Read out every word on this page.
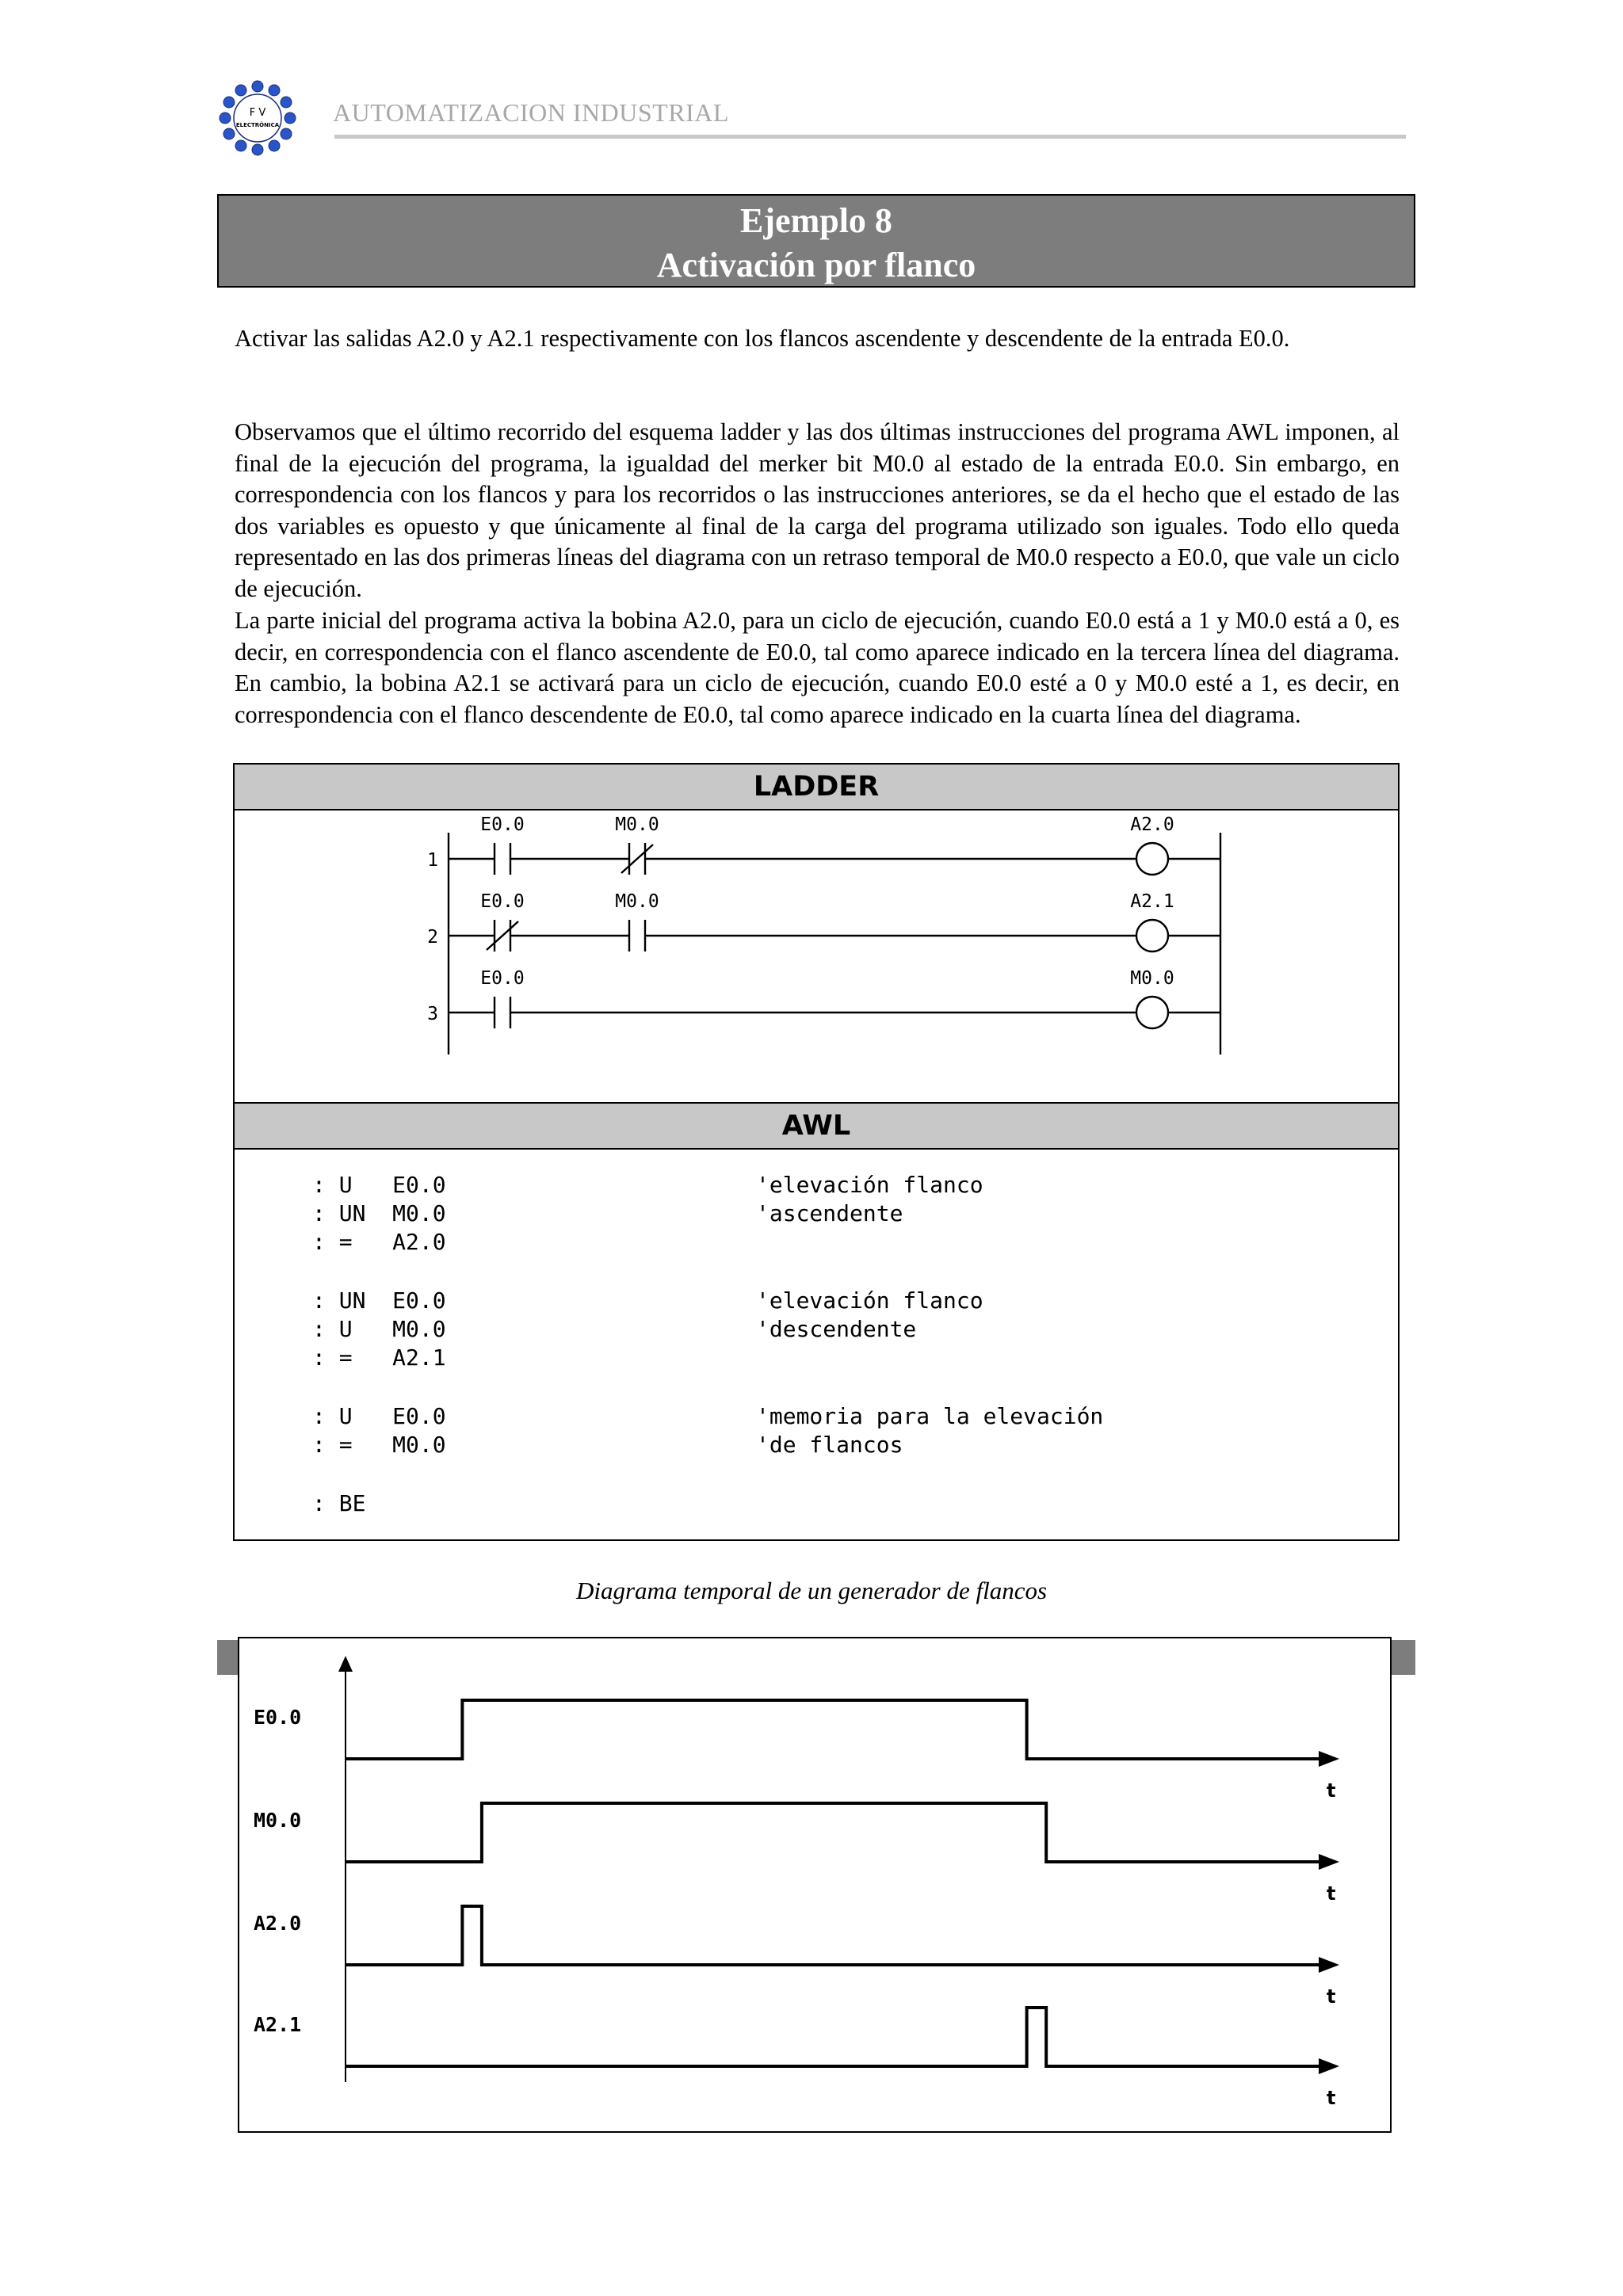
F V
ELECTRÓNICA AUTOMATIZACION INDUSTRIAL
Ejemplo 8
Activación por flanco

Activar las salidas A2.0 y A2.1 respectivamente con los flancos ascendente y descendente de la entrada E0.0.

Observamos que el último recorrido del esquema ladder y las dos últimas instrucciones del programa AWL imponen, al final de la ejecución del programa, la igualdad del merker bit M0.0 al estado de la entrada E0.0. Sin embargo, en correspondencia con los flancos y para los recorridos o las instrucciones anteriores, se da el hecho que el estado de las dos variables es opuesto y que únicamente al final de la carga del programa utilizado son iguales. Todo ello queda representado en las dos primeras líneas del diagrama con un retraso temporal de M0.0 respecto a E0.0, que vale un ciclo de ejecución.

La parte inicial del programa activa la bobina A2.0, para un ciclo de ejecución, cuando E0.0 está a 1 y M0.0 está a 0, es decir, en correspondencia con el flanco ascendente de E0.0, tal como aparece indicado en la tercera línea del diagrama. En cambio, la bobina A2.1 se activará para un ciclo de ejecución, cuando E0.0 esté a 0 y M0.0 esté a 1, es decir, en correspondencia con el flanco descendente de E0.0, tal como aparece indicado en la cuarta línea del diagrama.

LADDER
1
E0.0	M0.0	A2.0
2
E0.0	M0.0	A2.1
3
E0.0	M0.0
AWL
: U   E0.0	'elevación flanco
: UN  M0.0	'ascendente
: =   A2.0
: UN  E0.0	'elevación flanco
: U   M0.0	'descendente
: =   A2.1
: U   E0.0	'memoria para la elevación
: =   M0.0	'de flancos
: BE
Diagrama temporal de un generador de flancos
E0.0
t
M0.0
t
A2.0
t
A2.1
t
